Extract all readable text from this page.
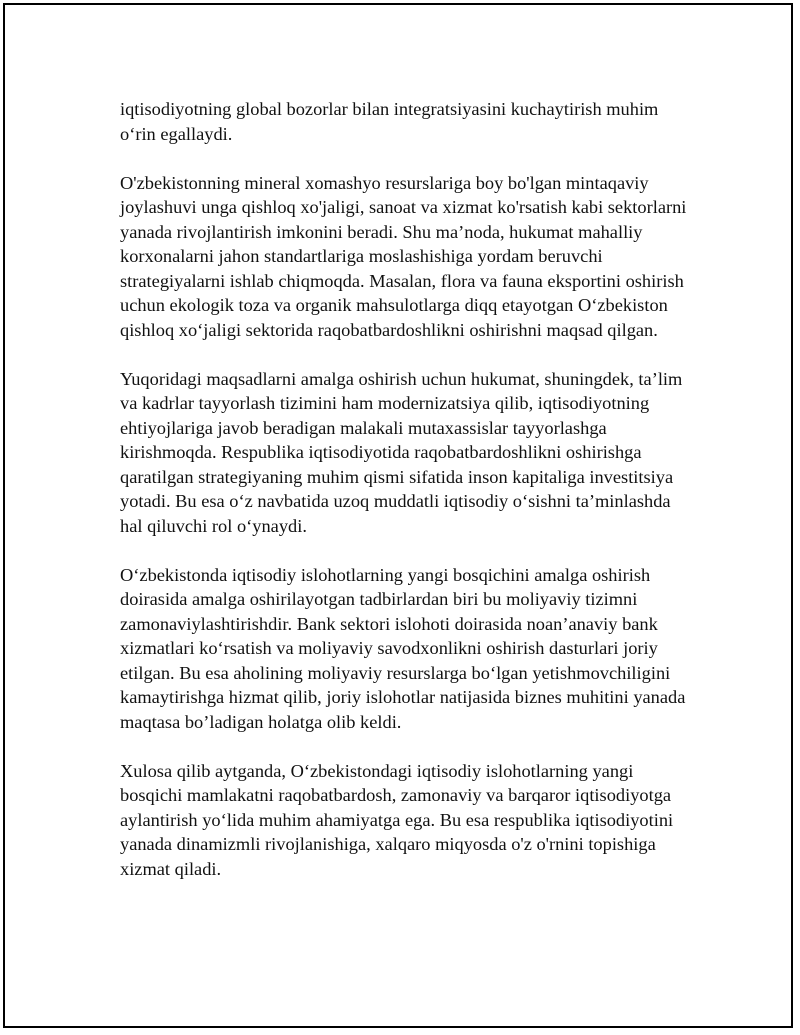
iqtisodiyotning global bozorlar bilan integratsiyasini kuchaytirish muhim
o‘rin egallaydi.

O'zbekistonning mineral xomashyo resurslariga boy bo'lgan mintaqaviy
joylashuvi unga qishloq xo'jaligi, sanoat va xizmat ko'rsatish kabi sektorlarni
yanada rivojlantirish imkonini beradi. Shu ma’noda, hukumat mahalliy
korxonalarni jahon standartlariga moslashishiga yordam beruvchi
strategiyalarni ishlab chiqmoqda. Masalan, flora va fauna eksportini oshirish
uchun ekologik toza va organik mahsulotlarga diqq etayotgan O‘zbekiston
qishloq xo‘jaligi sektorida raqobatbardoshlikni oshirishni maqsad qilgan.

Yuqoridagi maqsadlarni amalga oshirish uchun hukumat, shuningdek, ta’lim
va kadrlar tayyorlash tizimini ham modernizatsiya qilib, iqtisodiyotning
ehtiyojlariga javob beradigan malakali mutaxassislar tayyorlashga
kirishmoqda. Respublika iqtisodiyotida raqobatbardoshlikni oshirishga
qaratilgan strategiyaning muhim qismi sifatida inson kapitaliga investitsiya
yotadi. Bu esa o‘z navbatida uzoq muddatli iqtisodiy o‘sishni ta’minlashda
hal qiluvchi rol o‘ynaydi.

O‘zbekistonda iqtisodiy islohotlarning yangi bosqichini amalga oshirish
doirasida amalga oshirilayotgan tadbirlardan biri bu moliyaviy tizimni
zamonaviylashtirishdir. Bank sektori islohoti doirasida noan’anaviy bank
xizmatlari ko‘rsatish va moliyaviy savodxonlikni oshirish dasturlari joriy
etilgan. Bu esa aholining moliyaviy resurslarga bo‘lgan yetishmovchiligini
kamaytirishga hizmat qilib, joriy islohotlar natijasida biznes muhitini yanada
maqtasa bo’ladigan holatga olib keldi.

Xulosa qilib aytganda, O‘zbekistondagi iqtisodiy islohotlarning yangi
bosqichi mamlakatni raqobatbardosh, zamonaviy va barqaror iqtisodiyotga
aylantirish yo‘lida muhim ahamiyatga ega. Bu esa respublika iqtisodiyotini
yanada dinamizmli rivojlanishiga, xalqaro miqyosda o'z o'rnini topishiga
xizmat qiladi.
